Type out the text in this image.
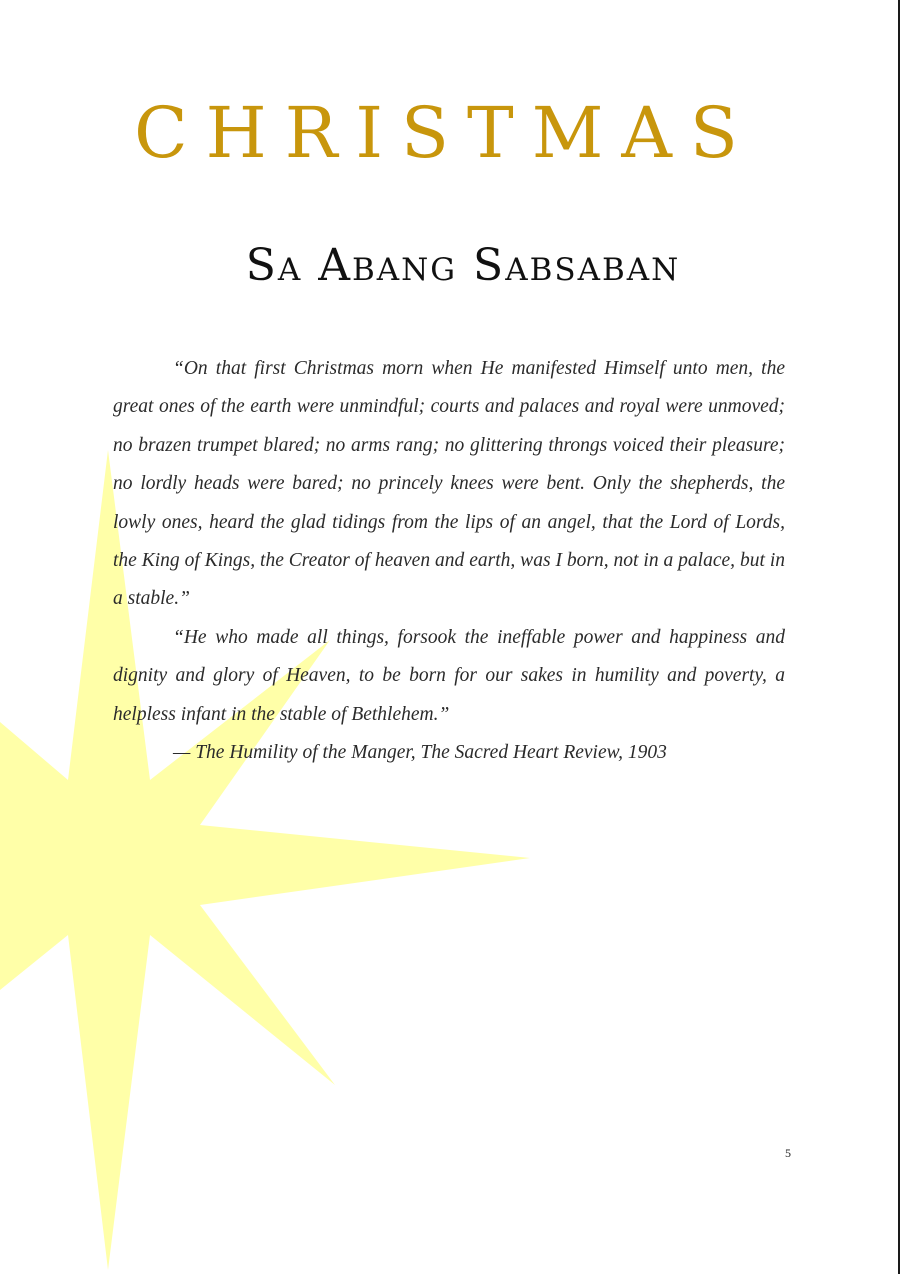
CHRISTMAS
Sa Abang Sabsaban

“On that first Christmas morn when He manifested Himself unto men, the great ones of the earth were unmindful; courts and palaces and royal were unmoved; no brazen trumpet blared; no arms rang; no glittering throngs voiced their pleasure; no lordly heads were bared; no princely knees were bent. Only the shepherds, the lowly ones, heard the glad tidings from the lips of an angel, that the Lord of Lords, the King of Kings, the Creator of heaven and earth, was I born, not in a palace, but in a stable.”

“He who made all things, forsook the ineffable power and happiness and dignity and glory of Heaven, to be born for our sakes in humility and poverty, a helpless infant in the stable of Bethlehem.”

— The Humility of the Manger, The Sacred Heart Review, 1903

5
